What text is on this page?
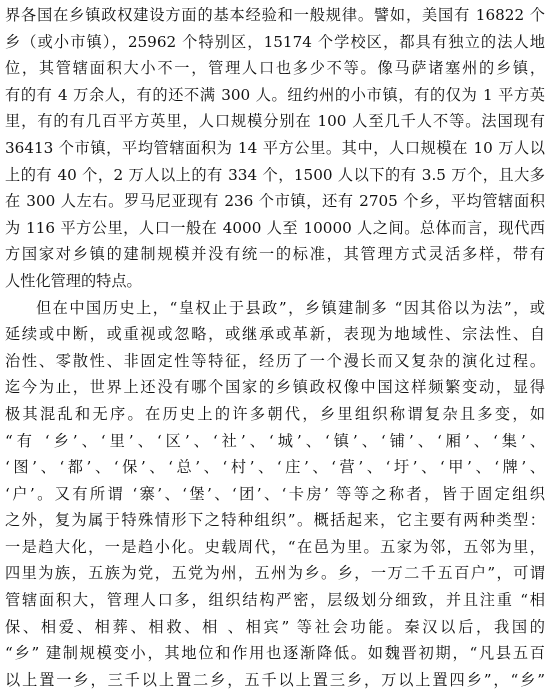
界各国在乡镇政权建设方面的基本经验和一般规律。譬如，美国有 16822 个
乡（或小市镇），25962 个特别区，15174 个学校区，都具有独立的法人地
位，其管辖面积大小不一，管理人口也多少不等。像马萨诸塞州的乡镇，
有的有 4 万余人，有的还不满 300 人。纽约州的小市镇，有的仅为 1 平方英
里，有的有几百平方英里，人口规模分别在 100 人至几千人不等。法国现有
36413 个市镇，平均管辖面积为 14 平方公里。其中，人口规模在 10 万人以
上的有 40 个，2 万人以上的有 334 个，1500 人以下的有 3.5 万个，且大多
在 300 人左右。罗马尼亚现有 236 个市镇，还有 2705 个乡，平均管辖面积
为 116 平方公里，人口一般在 4000 人至 10000 人之间。总体而言，现代西
方国家对乡镇的建制规模并没有统一的标准，其管理方式灵活多样，带有
人性化管理的特点。
但在中国历史上，“皇权止于县政”，乡镇建制多 “因其俗以为法”，或
延续或中断，或重视或忽略，或继承或革新，表现为地域性、宗法性、自
治性、零散性、非固定性等特征，经历了一个漫长而又复杂的演化过程。
迄今为止，世界上还没有哪个国家的乡镇政权像中国这样频繁变动，显得
极其混乱和无序。在历史上的许多朝代，乡里组织称谓复杂且多变，如
“有 ‘乡’、‘里’、‘区’、‘社’、‘城’、‘镇’、‘铺’、‘厢’、‘集’、
‘图’、‘都’、‘保’、‘总’、‘村’、‘庄’、‘营’、‘圩’、‘甲’、‘牌’、
‘户’。又有所谓 ‘寨’、‘堡’、‘团’、‘卡房’ 等等之称者，皆于固定组织
之外，复为属于特殊情形下之特种组织”。概括起来，它主要有两种类型：
一是趋大化，一是趋小化。史载周代，“在邑为里。五家为邻，五邻为里，
四里为族，五族为党，五党为州，五州为乡。乡，一万二千五百户”，可谓
管辖面积大，管理人口多，组织结构严密，层级划分细致，并且注重 “相
保、相爱、相葬、相救、相 、相宾” 等社会功能。秦汉以后，我国的
“乡” 建制规模变小，其地位和作用也逐渐降低。如魏晋初期，“凡县五百
以上置一乡，三千以上置二乡，五千以上置三乡，万以上置四乡”，“乡”
